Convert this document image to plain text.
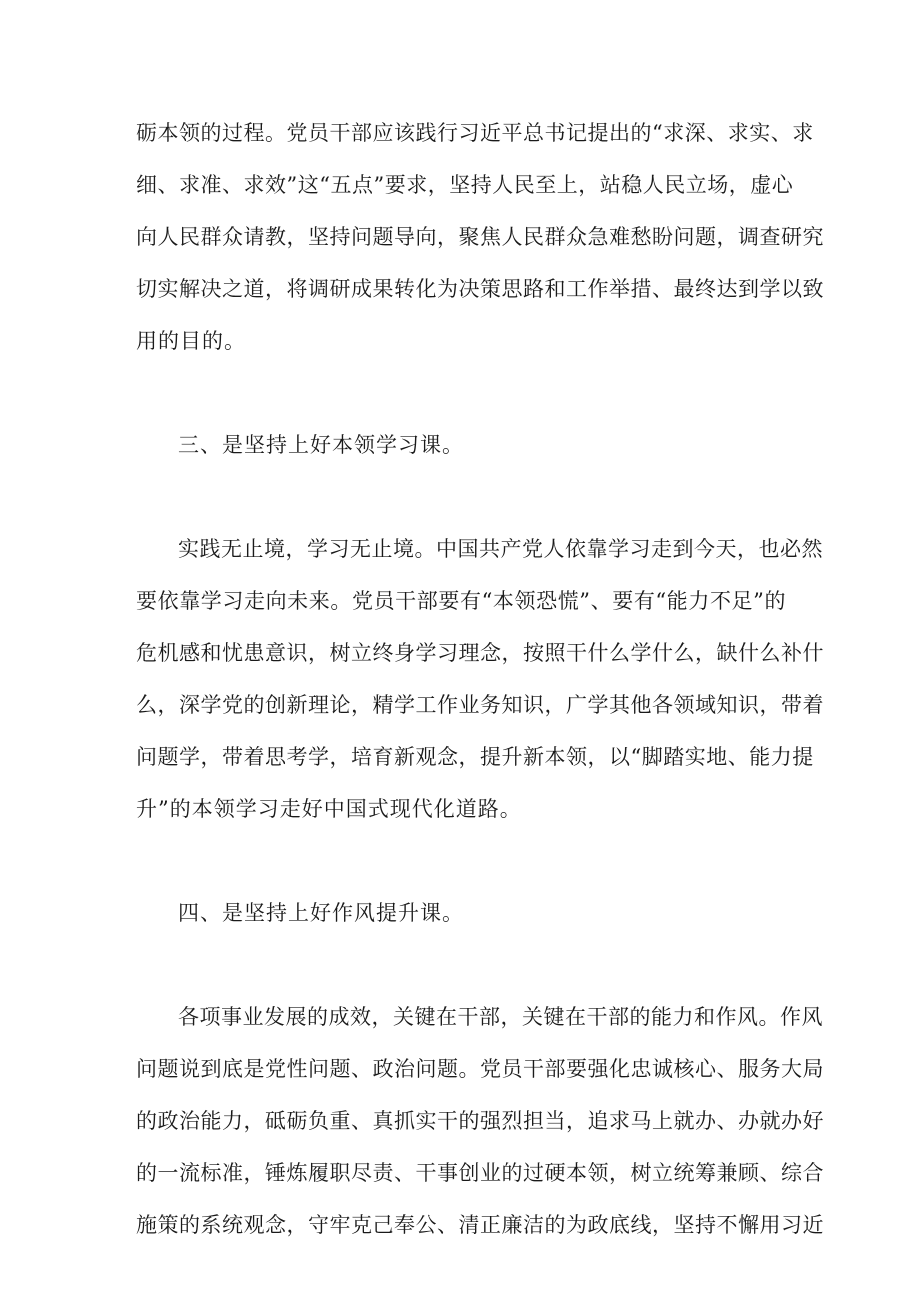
砺本领的过程。党员干部应该践行习近平总书记提出的“求深、求实、求
细、求准、求效”这“五点”要求，坚持人民至上，站稳人民立场，虚心
向人民群众请教，坚持问题导向，聚焦人民群众急难愁盼问题，调查研究
切实解决之道，将调研成果转化为决策思路和工作举措、最终达到学以致
用的目的。
三、是坚持上好本领学习课。
实践无止境，学习无止境。中国共产党人依靠学习走到今天，也必然
要依靠学习走向未来。党员干部要有“本领恐慌”、要有“能力不足”的
危机感和忧患意识，树立终身学习理念，按照干什么学什么，缺什么补什
么，深学党的创新理论，精学工作业务知识，广学其他各领域知识，带着
问题学，带着思考学，培育新观念，提升新本领，以“脚踏实地、能力提
升”的本领学习走好中国式现代化道路。
四、是坚持上好作风提升课。
各项事业发展的成效，关键在干部，关键在干部的能力和作风。作风
问题说到底是党性问题、政治问题。党员干部要强化忠诚核心、服务大局
的政治能力，砥砺负重、真抓实干的强烈担当，追求马上就办、办就办好
的一流标准，锤炼履职尽责、干事创业的过硬本领，树立统筹兼顾、综合
施策的系统观念，守牢克己奉公、清正廉洁的为政底线，坚持不懈用习近
